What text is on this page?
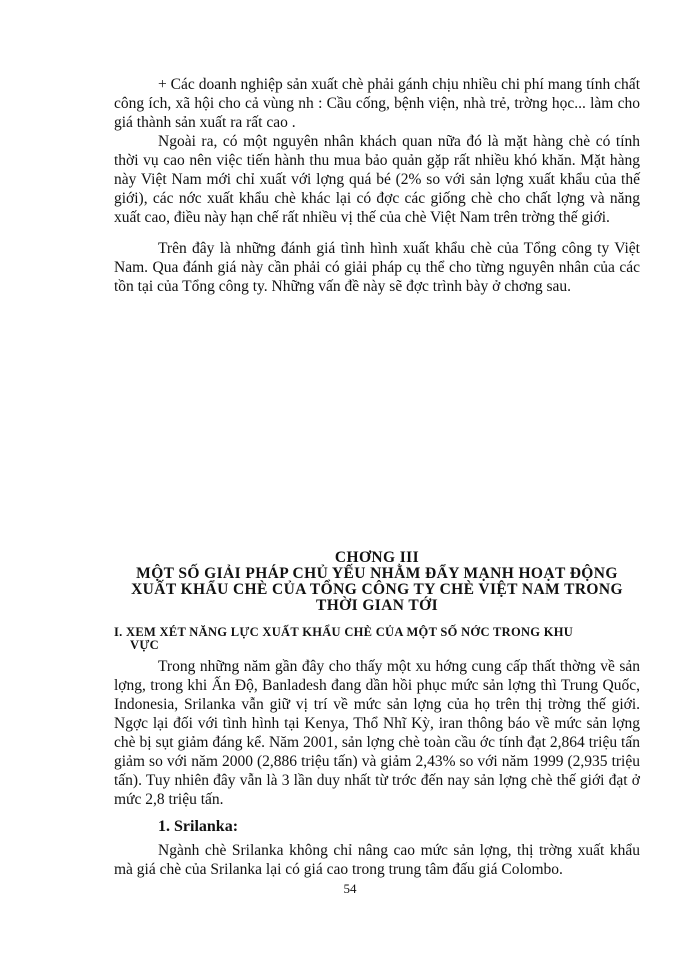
+ Các doanh nghiệp sản xuất chè phải gánh chịu nhiều chi phí mang tính chất công ích, xã hội cho cả vùng nh : Cầu cống, bệnh viện, nhà trẻ, trờng học... làm cho giá thành sản xuất ra rất cao .

Ngoài ra, có một nguyên nhân khách quan nữa đó là mặt hàng chè có tính thời vụ cao nên việc tiến hành thu mua bảo quản gặp rất nhiều khó khăn. Mặt hàng này Việt Nam mới chỉ xuất với lợng quá bé (2% so với sản lợng xuất khẩu của thế giới), các nớc xuất khẩu chè khác lại có đợc các giống chè cho chất lợng và năng xuất cao, điều này hạn chế rất nhiều vị thế của chè Việt Nam trên trờng thế giới.

Trên đây là những đánh giá tình hình xuất khẩu chè của Tổng công ty Việt Nam. Qua đánh giá này cần phải có giải pháp cụ thể cho từng nguyên nhân của các tồn tại của Tổng công ty. Những vấn đề này sẽ đợc trình bày ở chơng sau.

CHƠNG III
MỘT SỐ GIẢI PHÁP CHỦ YẾU NHẰM ĐẨY MẠNH HOẠT ĐỘNG XUẤT KHẨU CHÈ CỦA TỔNG CÔNG TY CHÈ VIỆT NAM TRONG THỜI GIAN TỚI
I. XEM XÉT NĂNG LỰC XUẤT KHẨU CHÈ CỦA MỘT SỐ NỚC TRONG KHU
VỰC

Trong những năm gần đây cho thấy một xu hớng cung cấp thất thờng về sản lợng, trong khi Ấn Độ, Banladesh đang dần hồi phục mức sản lợng thì Trung Quốc, Indonesia, Srilanka vẫn giữ vị trí về mức sản lợng của họ trên thị trờng thế giới. Ngợc lại đối với tình hình tại Kenya, Thổ Nhĩ Kỳ, iran thông báo về mức sản lợng chè bị sụt giảm đáng kể. Năm 2001, sản lợng chè toàn cầu ớc tính đạt 2,864 triệu tấn giảm so với năm 2000 (2,886 triệu tấn) và giảm 2,43% so với năm 1999 (2,935 triệu tấn). Tuy nhiên đây vẫn là 3 lần duy nhất từ trớc đến nay sản lợng chè thế giới đạt ở mức 2,8 triệu tấn.

1. Srilanka:

Ngành chè Srilanka không chỉ nâng cao mức sản lợng, thị trờng xuất khẩu mà giá chè của Srilanka lại có giá cao trong trung tâm đấu giá Colombo.

54
